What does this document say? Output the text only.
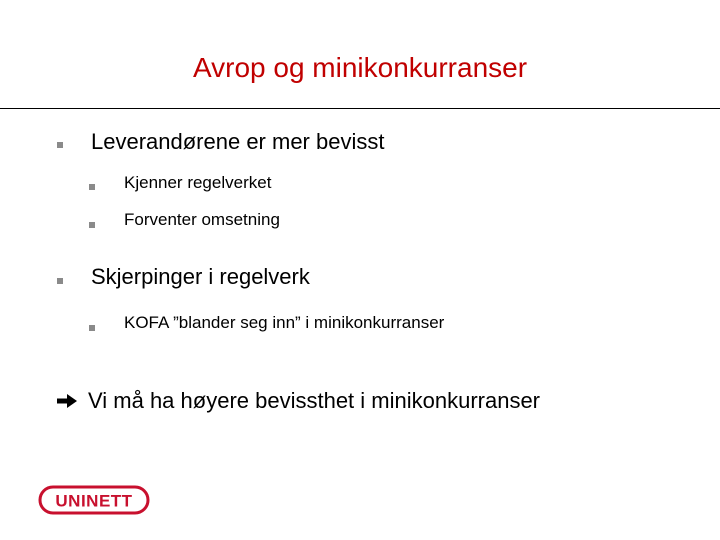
Avrop og minikonkurranser
Leverandørene er mer bevisst
Kjenner regelverket
Forventer omsetning
Skjerpinger i regelverk
KOFA ”blander seg inn” i minikonkurranser
Vi må ha høyere bevissthet i minikonkurranser
UNINETT
